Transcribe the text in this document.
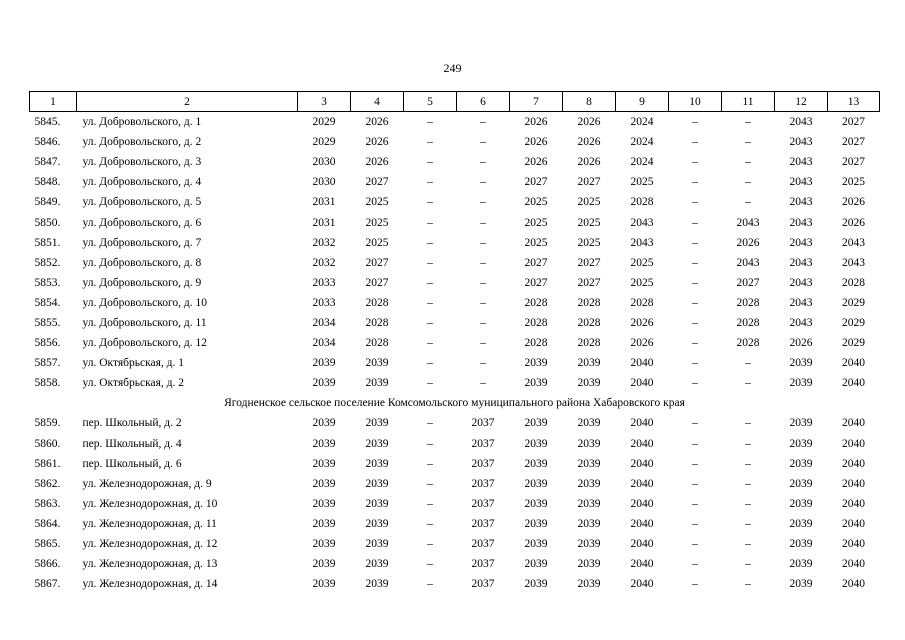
249
1	2	3	4	5	6	7	8	9	10	11	12	13
5845.	ул. Добровольского, д. 1	2029	2026	–	–	2026	2026	2024	–	–	2043	2027
5846.	ул. Добровольского, д. 2	2029	2026	–	–	2026	2026	2024	–	–	2043	2027
5847.	ул. Добровольского, д. 3	2030	2026	–	–	2026	2026	2024	–	–	2043	2027
5848.	ул. Добровольского, д. 4	2030	2027	–	–	2027	2027	2025	–	–	2043	2025
5849.	ул. Добровольского, д. 5	2031	2025	–	–	2025	2025	2028	–	–	2043	2026
5850.	ул. Добровольского, д. 6	2031	2025	–	–	2025	2025	2043	–	2043	2043	2026
5851.	ул. Добровольского, д. 7	2032	2025	–	–	2025	2025	2043	–	2026	2043	2043
5852.	ул. Добровольского, д. 8	2032	2027	–	–	2027	2027	2025	–	2043	2043	2043
5853.	ул. Добровольского, д. 9	2033	2027	–	–	2027	2027	2025	–	2027	2043	2028
5854.	ул. Добровольского, д. 10	2033	2028	–	–	2028	2028	2028	–	2028	2043	2029
5855.	ул. Добровольского, д. 11	2034	2028	–	–	2028	2028	2026	–	2028	2043	2029
5856.	ул. Добровольского, д. 12	2034	2028	–	–	2028	2028	2026	–	2028	2026	2029
5857.	ул. Октябрьская, д. 1	2039	2039	–	–	2039	2039	2040	–	–	2039	2040
5858.	ул. Октябрьская, д. 2	2039	2039	–	–	2039	2039	2040	–	–	2039	2040
Ягодненское сельское поселение Комсомольского муниципального района Хабаровского края												
5859.	пер. Школьный, д. 2	2039	2039	–	2037	2039	2039	2040	–	–	2039	2040
5860.	пер. Школьный, д. 4	2039	2039	–	2037	2039	2039	2040	–	–	2039	2040
5861.	пер. Школьный, д. 6	2039	2039	–	2037	2039	2039	2040	–	–	2039	2040
5862.	ул. Железнодорожная, д. 9	2039	2039	–	2037	2039	2039	2040	–	–	2039	2040
5863.	ул. Железнодорожная, д. 10	2039	2039	–	2037	2039	2039	2040	–	–	2039	2040
5864.	ул. Железнодорожная, д. 11	2039	2039	–	2037	2039	2039	2040	–	–	2039	2040
5865.	ул. Железнодорожная, д. 12	2039	2039	–	2037	2039	2039	2040	–	–	2039	2040
5866.	ул. Железнодорожная, д. 13	2039	2039	–	2037	2039	2039	2040	–	–	2039	2040
5867.	ул. Железнодорожная, д. 14	2039	2039	–	2037	2039	2039	2040	–	–	2039	2040
